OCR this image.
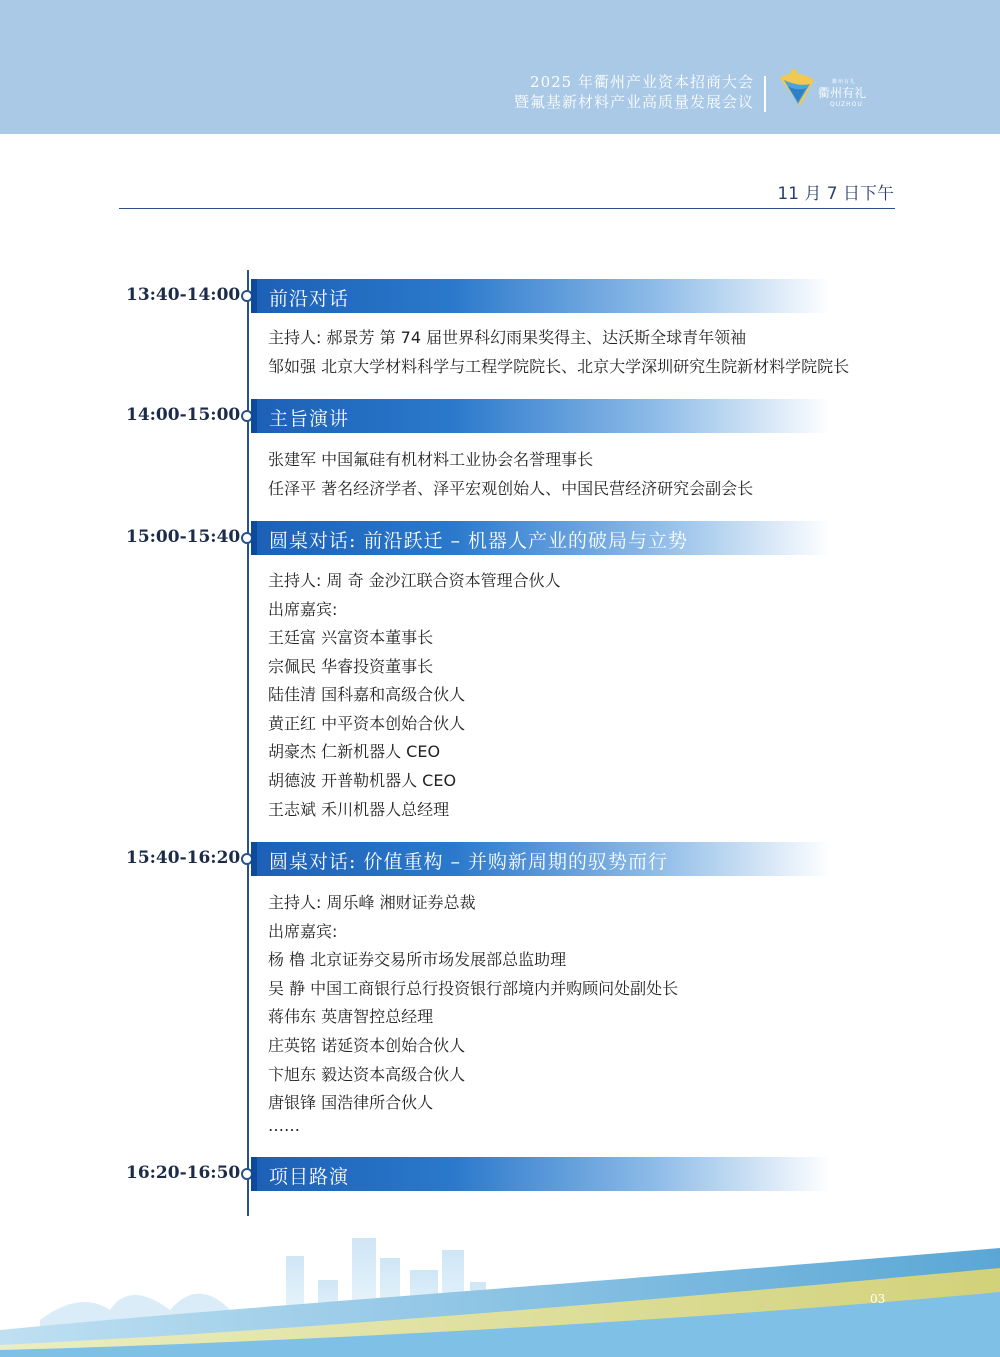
2025 年衢州产业资本招商大会
暨氟基新材料产业高质量发展会议
衢州有礼
衢州有礼
QUZHOU
11 月 7 日下午
13:40-14:00 前沿对话
主持人: 郝景芳 第 74 届世界科幻雨果奖得主、达沃斯全球青年领袖
邹如强 北京大学材料科学与工程学院院长、北京大学深圳研究生院新材料学院院长
14:00-15:00 主旨演讲
张建军 中国氟硅有机材料工业协会名誉理事长
任泽平 著名经济学者、泽平宏观创始人、中国民营经济研究会副会长
15:00-15:40 圆桌对话: 前沿跃迁 – 机器人产业的破局与立势
主持人: 周 奇 金沙江联合资本管理合伙人
出席嘉宾:
王廷富 兴富资本董事长
宗佩民 华睿投资董事长
陆佳清 国科嘉和高级合伙人
黄正红 中平资本创始合伙人
胡豪杰 仁新机器人 CEO
胡德波 开普勒机器人 CEO
王志斌 禾川机器人总经理
15:40-16:20 圆桌对话: 价值重构 – 并购新周期的驭势而行
主持人: 周乐峰 湘财证券总裁
出席嘉宾:
杨 橹 北京证券交易所市场发展部总监助理
吴 静 中国工商银行总行投资银行部境内并购顾问处副处长
蒋伟东 英唐智控总经理
庄英铭 诺延资本创始合伙人
卞旭东 毅达资本高级合伙人
唐银锋 国浩律所合伙人
……
16:20-16:50 项目路演
03
